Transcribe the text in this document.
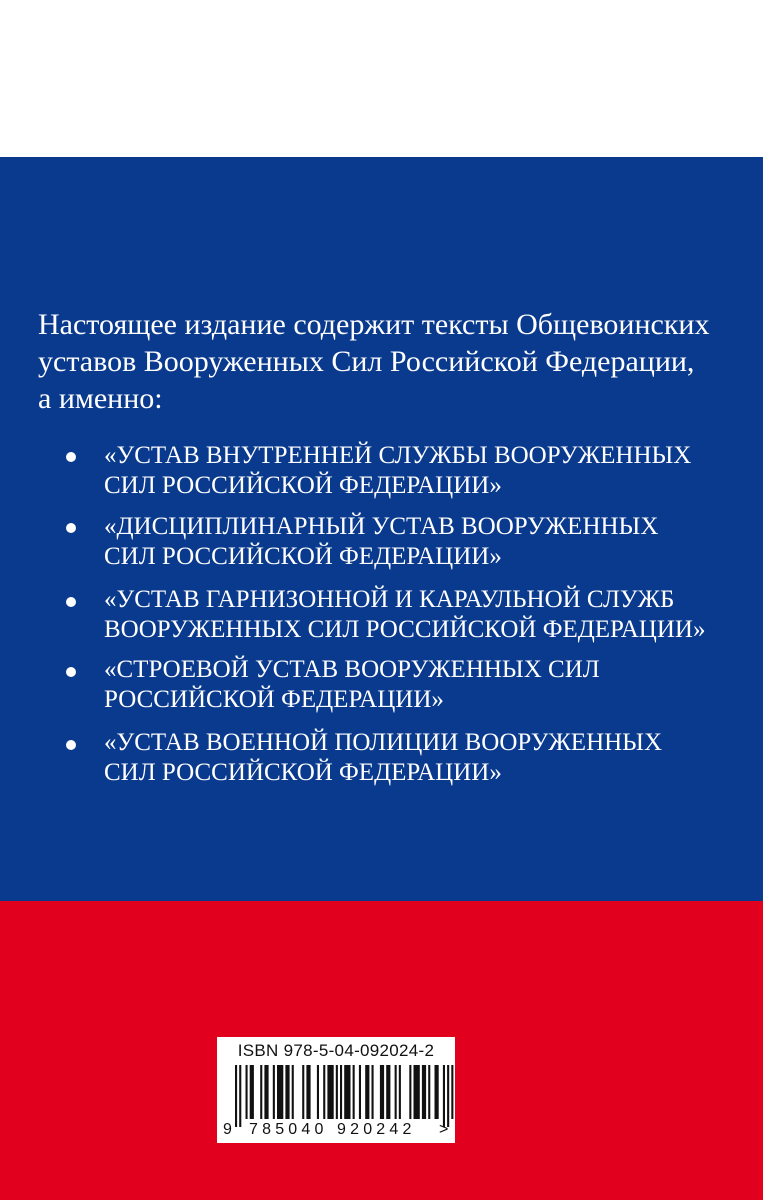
Настоящее издание содержит тексты Общевоинских
уставов Вооруженных Сил Российской Федерации,
а именно:

«УСТАВ ВНУТРЕННЕЙ СЛУЖБЫ ВООРУЖЕННЫХ
СИЛ РОССИЙСКОЙ ФЕДЕРАЦИИ»
«ДИСЦИПЛИНАРНЫЙ УСТАВ ВООРУЖЕННЫХ
СИЛ РОССИЙСКОЙ ФЕДЕРАЦИИ»
«УСТАВ ГАРНИЗОННОЙ И КАРАУЛЬНОЙ СЛУЖБ
ВООРУЖЕННЫХ СИЛ РОССИЙСКОЙ ФЕДЕРАЦИИ»
«СТРОЕВОЙ УСТАВ ВООРУЖЕННЫХ СИЛ
РОССИЙСКОЙ ФЕДЕРАЦИИ»
«УСТАВ ВОЕННОЙ ПОЛИЦИИ ВООРУЖЕННЫХ
СИЛ РОССИЙСКОЙ ФЕДЕРАЦИИ»
ISBN 978-5-04-092024-2
9 785040 920242 >
